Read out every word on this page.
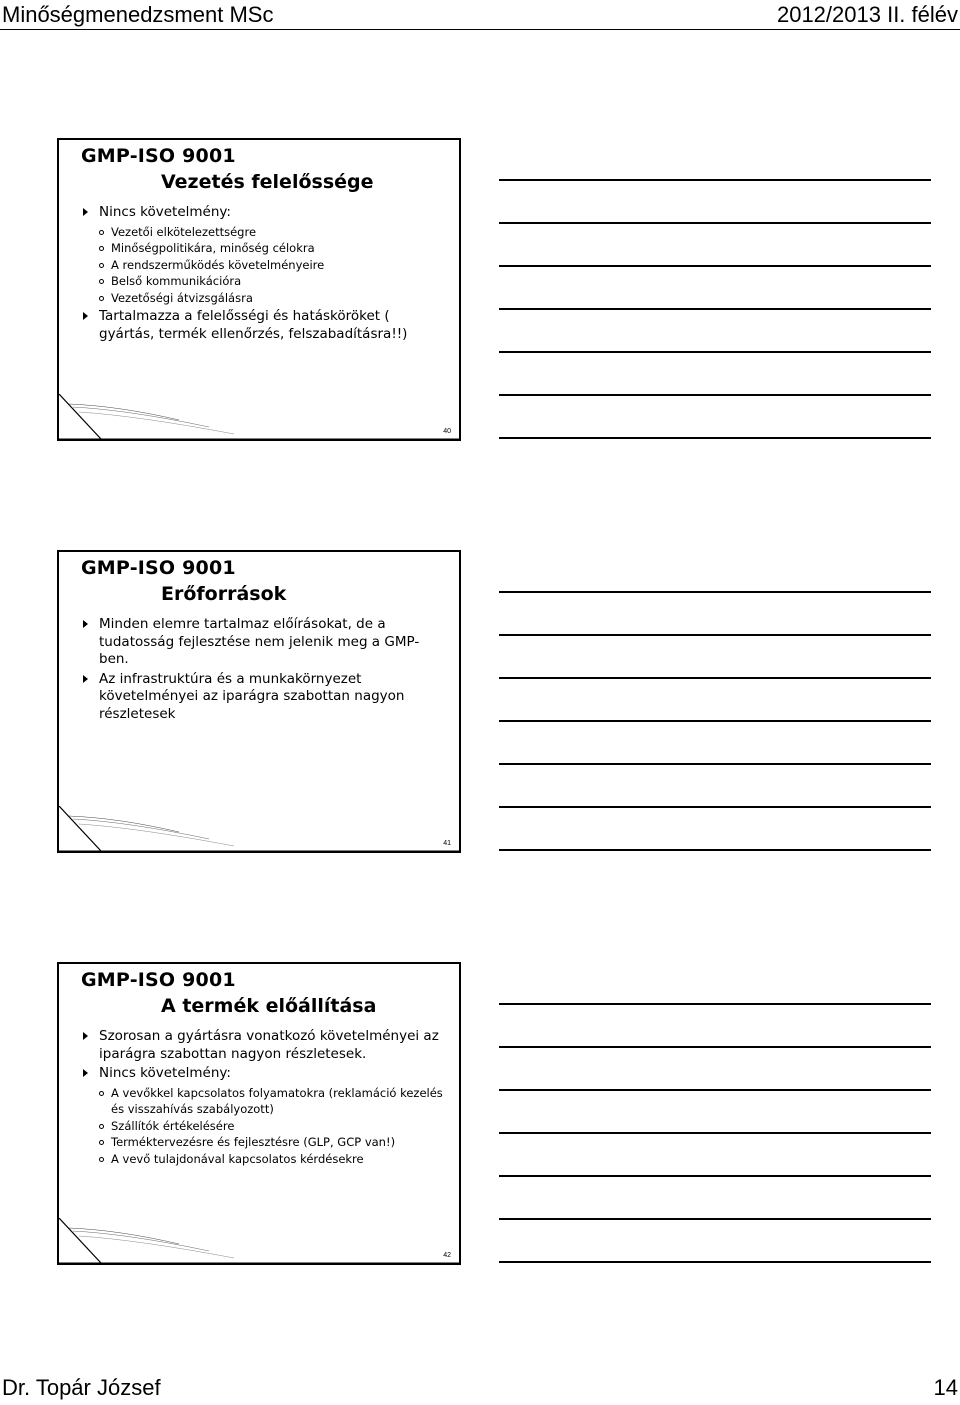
Minőségmenedzsment MSc	2012/2013 II. félév
GMP-ISO 9001
Vezetés felelőssége
Nincs követelmény:
Vezetői elkötelezettségre
Minőségpolitikára, minőség célokra
A rendszerműködés követelményeire
Belső kommunikációra
Vezetőségi átvizsgálásra
Tartalmazza a felelősségi és hatásköröket ( gyártás, termék ellenőrzés, felszabadításra!!)
40
GMP-ISO 9001
Erőforrások
Minden elemre tartalmaz előírásokat, de a tudatosság fejlesztése nem jelenik meg a GMP-ben.
Az infrastruktúra és a munkakörnyezet követelményei az iparágra szabottan nagyon részletesek
41
GMP-ISO 9001
A termék előállítása
Szorosan a gyártásra vonatkozó követelményei az iparágra szabottan nagyon részletesek.
Nincs követelmény:
A vevőkkel kapcsolatos folyamatokra (reklamáció kezelés és visszahívás szabályozott)
Szállítók értékelésére
Terméktervezésre és fejlesztésre (GLP, GCP van!)
A vevő tulajdonával kapcsolatos kérdésekre
42
Dr. Topár József	14
